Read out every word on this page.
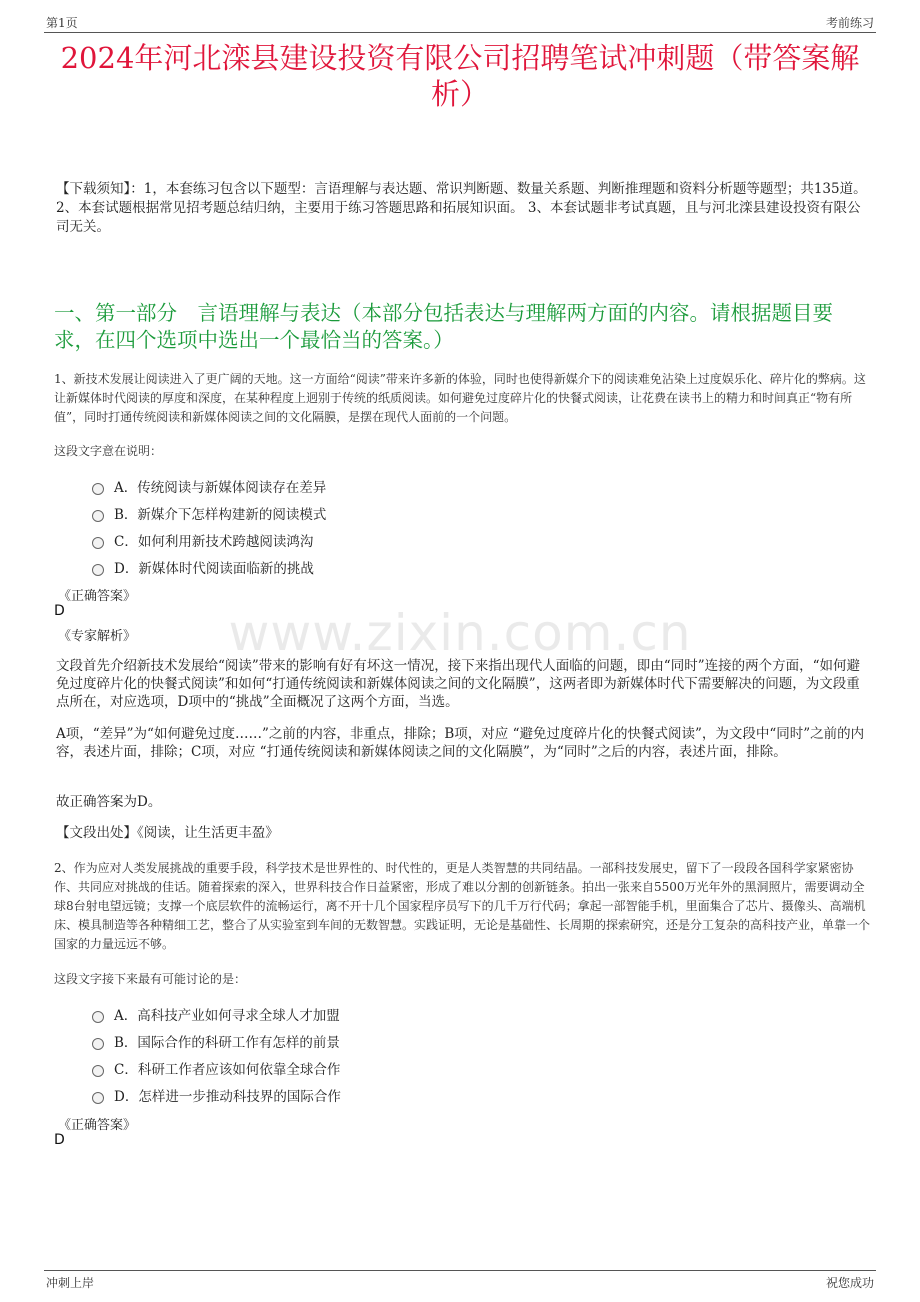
第1页	考前练习
2024年河北滦县建设投资有限公司招聘笔试冲刺题（带答案解析）
【下载须知】：1，本套练习包含以下题型：言语理解与表达题、常识判断题、数量关系题、判断推理题和资料分析题等题型；共135道。 2、本套试题根据常见招考题总结归纳，主要用于练习答题思路和拓展知识面。 3、本套试题非考试真题，且与河北滦县建设投资有限公司无关。
一、第一部分　言语理解与表达（本部分包括表达与理解两方面的内容。请根据题目要求，在四个选项中选出一个最恰当的答案。）
1、新技术发展让阅读进入了更广阔的天地。这一方面给“阅读”带来许多新的体验，同时也使得新媒介下的阅读难免沾染上过度娱乐化、碎片化的弊病。这让新媒体时代阅读的厚度和深度，在某种程度上迥别于传统的纸质阅读。如何避免过度碎片化的快餐式阅读，让花费在读书上的精力和时间真正“物有所值”，同时打通传统阅读和新媒体阅读之间的文化隔膜，是摆在现代人面前的一个问题。
这段文字意在说明：
A．传统阅读与新媒体阅读存在差异
B．新媒介下怎样构建新的阅读模式
C．如何利用新技术跨越阅读鸿沟
D．新媒体时代阅读面临新的挑战
《正确答案》
D
《专家解析》	www.zixin.com.cn
文段首先介绍新技术发展给“阅读”带来的影响有好有坏这一情况，接下来指出现代人面临的问题，即由“同时”连接的两个方面，“如何避免过度碎片化的快餐式阅读”和如何“打通传统阅读和新媒体阅读之间的文化隔膜”，这两者即为新媒体时代下需要解决的问题，为文段重点所在，对应选项，D项中的“挑战”全面概况了这两个方面，当选。
A项，“差异”为“如何避免过度……”之前的内容，非重点，排除；B项，对应 “避免过度碎片化的快餐式阅读”，为文段中“同时”之前的内容，表述片面，排除；C项，对应 “打通传统阅读和新媒体阅读之间的文化隔膜”，为“同时”之后的内容，表述片面，排除。
故正确答案为D。
【文段出处】《阅读，让生活更丰盈》
2、作为应对人类发展挑战的重要手段，科学技术是世界性的、时代性的，更是人类智慧的共同结晶。一部科技发展史，留下了一段段各国科学家紧密协作、共同应对挑战的佳话。随着探索的深入，世界科技合作日益紧密，形成了难以分割的创新链条。拍出一张来自5500万光年外的黑洞照片，需要调动全球8台射电望远镜；支撑一个底层软件的流畅运行，离不开十几个国家程序员写下的几千万行代码；拿起一部智能手机，里面集合了芯片、摄像头、高端机床、模具制造等各种精细工艺，整合了从实验室到车间的无数智慧。实践证明，无论是基础性、长周期的探索研究，还是分工复杂的高科技产业，单靠一个国家的力量远远不够。
这段文字接下来最有可能讨论的是：
A．高科技产业如何寻求全球人才加盟
B．国际合作的科研工作有怎样的前景
C．科研工作者应该如何依靠全球合作
D．怎样进一步推动科技界的国际合作
《正确答案》
D
冲刺上岸	祝您成功
